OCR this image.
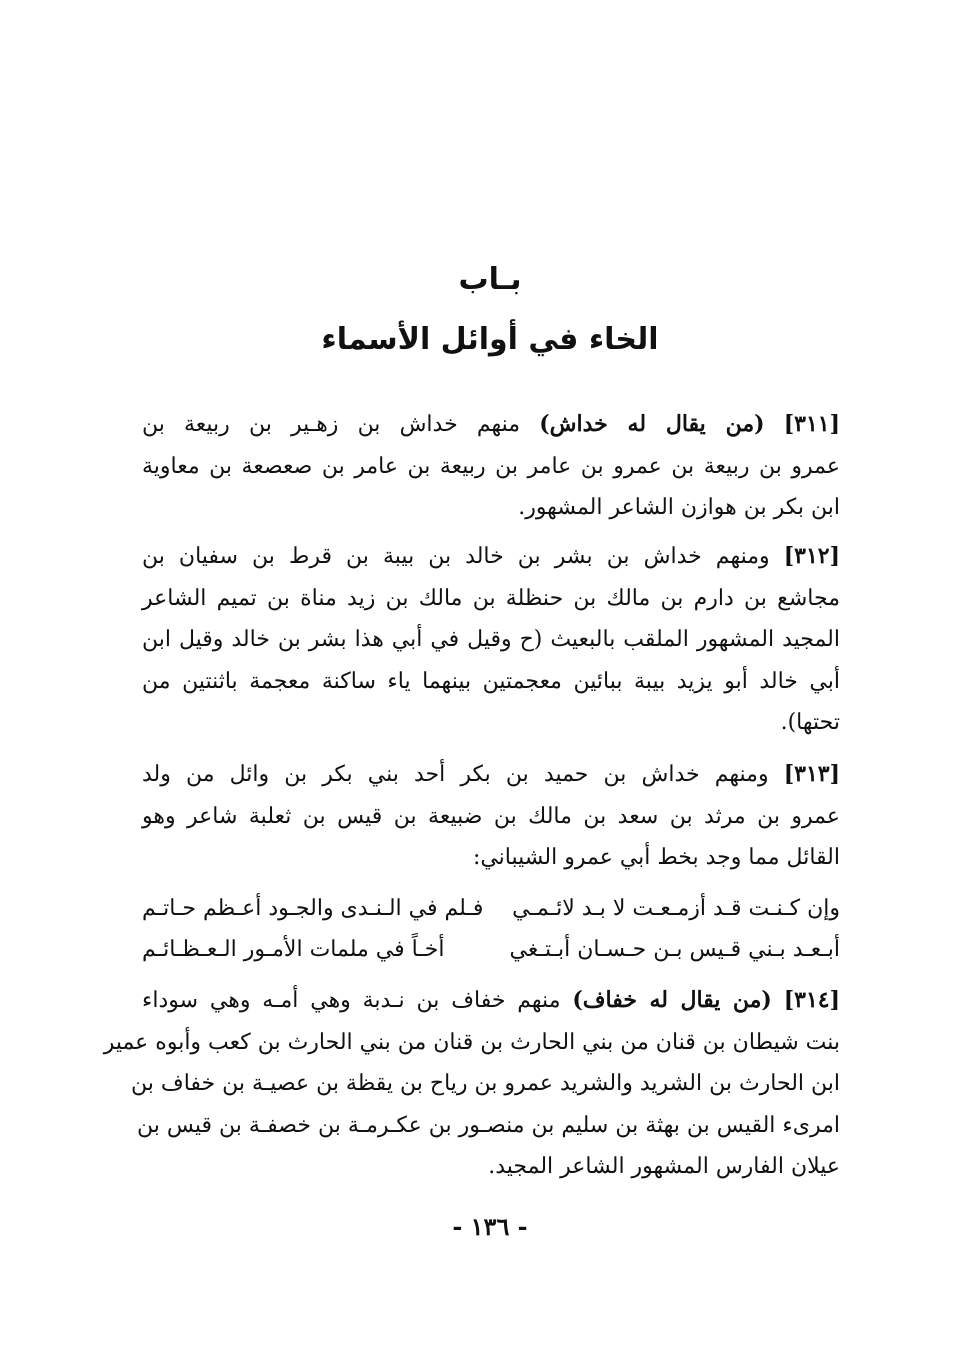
بـاب
الخاء في أوائل الأسماء
[٣١١] (من يقال له خداش) منهم خداش بن زهـير بن ربيعة بن
عمرو بن ربيعة بن عمرو بن عامر بن ربيعة بن عامر بن صعصعة بن معاوية
ابن بكر بن هوازن الشاعر المشهور.
[٣١٢] ومنهم خداش بن بشر بن خالد بن بيبة بن قرط بن سفيان بن
مجاشع بن دارم بن مالك بن حنظلة بن مالك بن زيد مناة بن تميم الشاعر
المجيد المشهور الملقب بالبعيث (ح وقيل في أبي هذا بشر بن خالد وقيل ابن
أبي خالد أبو يزيد بيبة ببائين معجمتين بينهما ياء ساكنة معجمة باثنتين من
تحتها).
[٣١٣] ومنهم خداش بن حميد بن بكر أحد بني بكر بن وائل من ولد
عمرو بن مرثد بن سعد بن مالك بن ضبيعة بن قيس بن ثعلبة شاعر وهو
القائل مما وجد بخط أبي عمرو الشيباني:
وإن كـنـت قـد أزمـعـت لا بـد لائـمـي
فـلم في الـنـدى والجـود أعـظم حـاتـم
أبـعـد بـني قـيس بـن حـسـان أبـتـغي
أخـاً في ملمات الأمـور الـعـظـائـم
[٣١٤] (من يقال له خفاف) منهم خفاف بن نـدبة وهي أمـه وهي سوداء
بنت شيطان بن قنان من بني الحارث بن قنان من بني الحارث بن كعب وأبوه عمير
ابن الحارث بن الشريد والشريد عمرو بن رياح بن يقظة بن عصيـة بن خفاف بن
امرىء القيس بن بهثة بن سليم بن منصـور بن عكـرمـة بن خصفـة بن قيس بن
عيلان الفارس المشهور الشاعر المجيد.
- ١٣٦ -
